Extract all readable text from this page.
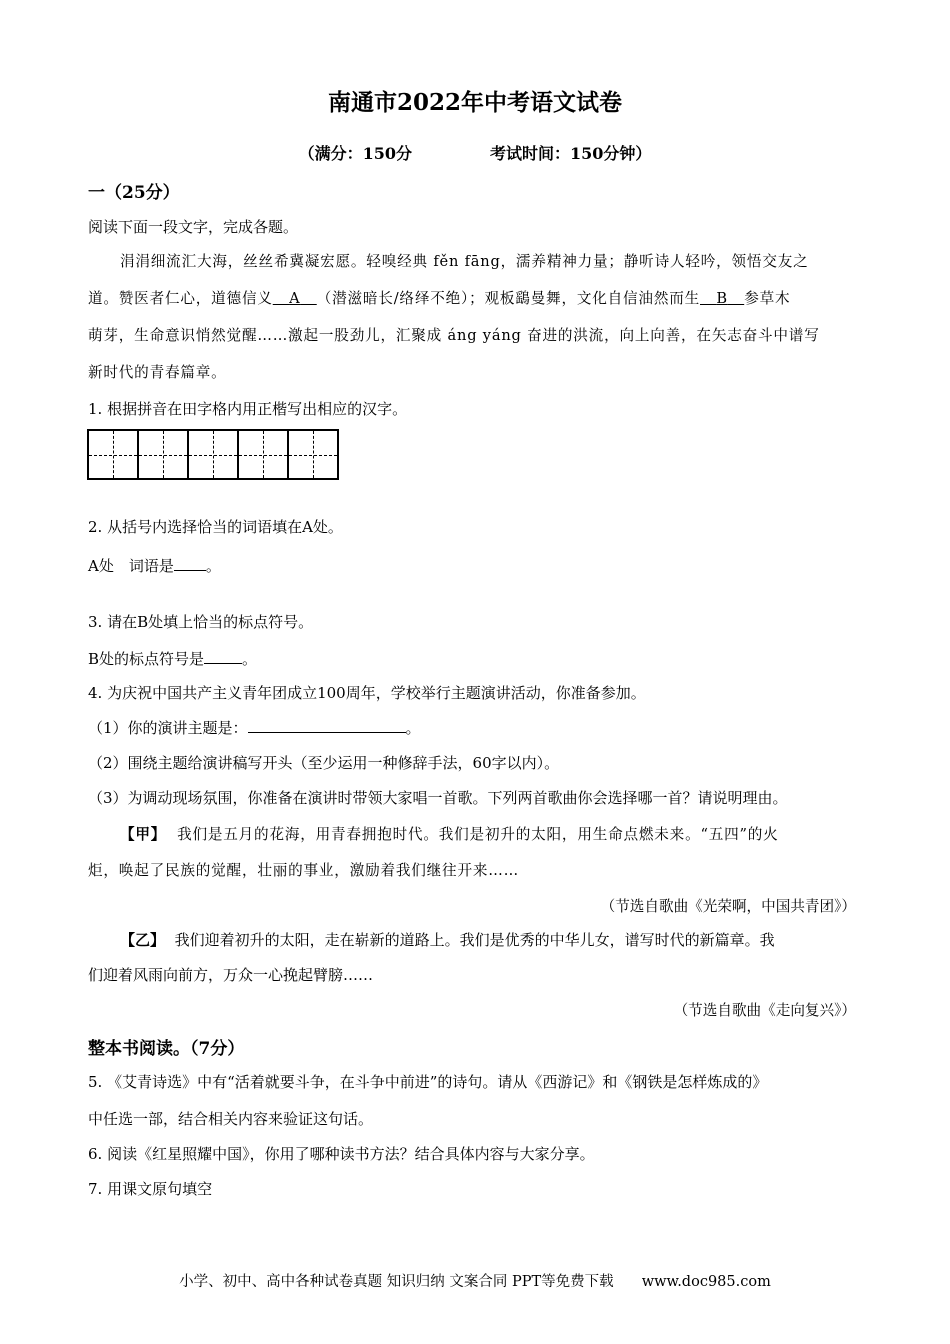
南通市2022年中考语文试卷
（满分：150分	考试时间：150分钟）
一（25分）
阅读下面一段文字，完成各题。
涓涓细流汇大海，丝丝希冀凝宏愿。轻嗅经典 fěn fāng，濡养精神力量；静听诗人轻吟，领悟交友之
道。赞医者仁心，道德信义 A （潜滋暗长/络绎不绝）；观板鷂曼舞，文化自信油然而生 B 参草木
萌芽，生命意识悄然觉醒……激起一股劲儿，汇聚成 áng yáng 奋进的洪流，向上向善，在矢志奋斗中谱写
新时代的青春篇章。
1. 根据拼音在田字格内用正楷写出相应的汉字。
2. 从括号内选择恰当的词语填在A处。
A处　词语是 。
3. 请在B处填上恰当的标点符号。
B处的标点符号是	。
4. 为庆祝中国共产主义青年团成立100周年，学校举行主题演讲活动，你准备参加。
（1）你的演讲主题是：	。
（2）围绕主题给演讲稿写开头（至少运用一种修辞手法，60字以内）。
（3）为调动现场氛围，你准备在演讲时带领大家唱一首歌。下列两首歌曲你会选择哪一首？请说明理由。
【甲】 我们是五月的花海，用青春拥抱时代。我们是初升的太阳，用生命点燃未来。“五四”的火
炬，唤起了民族的觉醒，壮丽的事业，激励着我们继往开来……
（节选自歌曲《光荣啊，中国共青团》）
【乙】 我们迎着初升的太阳，走在崭新的道路上。我们是优秀的中华儿女，谱写时代的新篇章。我
们迎着风雨向前方，万众一心挽起臂膀……
（节选自歌曲《走向复兴》）
整本书阅读。（7分）
5. 《艾青诗选》中有“活着就要斗争，在斗争中前进”的诗句。请从《西游记》和《钢铁是怎样炼成的》
中任选一部，结合相关内容来验证这句话。
6. 阅读《红星照耀中国》，你用了哪种读书方法？结合具体内容与大家分享。
7. 用课文原句填空
小学、初中、高中各种试卷真题 知识归纳 文案合同 PPT等免费下载 www.doc985.com
